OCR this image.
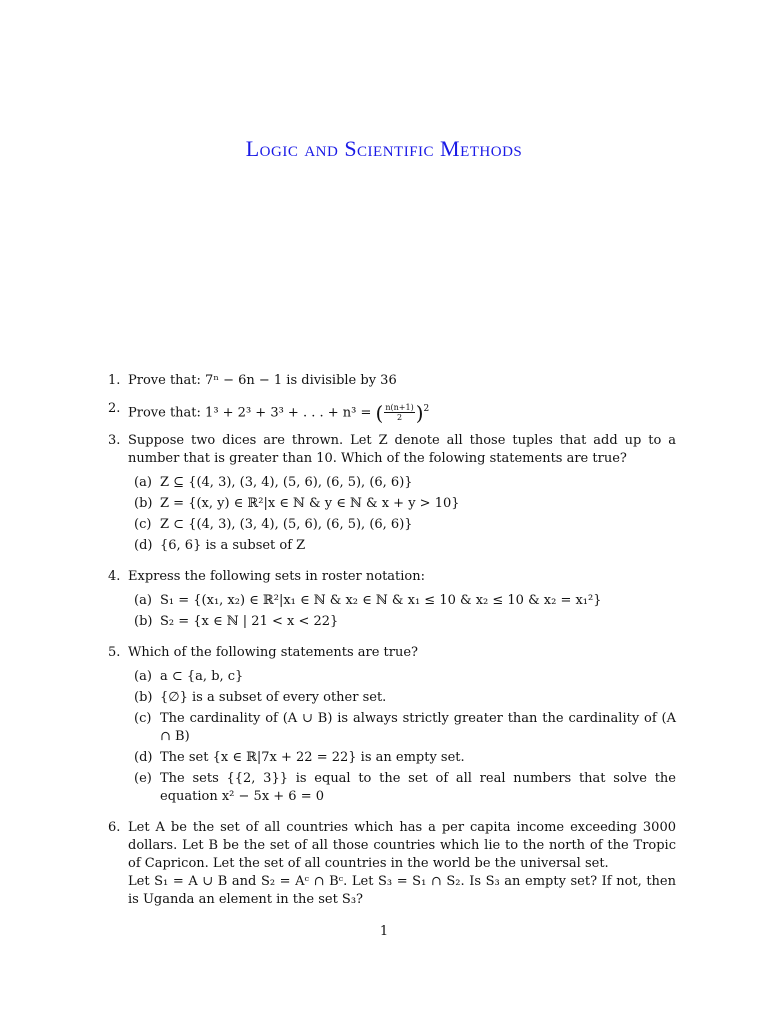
Logic and Scientific Methods
1. Prove that: 7ⁿ − 6n − 1 is divisible by 36
2. Prove that: 1³ + 2³ + 3³ + . . . + n³ = ( $\frac{n(n+1)}{2} )^2$
3. Suppose two dices are thrown. Let Z denote all those tuples that add up to a number that is greater than 10. Which of the folowing statements are true?
(a) Z ⊆ {(4, 3), (3, 4), (5, 6), (6, 5), (6, 6)}
(b) Z = {(x, y) ∈ ℝ²|x ∈ ℕ & y ∈ ℕ & x + y > 10}
(c) Z ⊂ {(4, 3), (3, 4), (5, 6), (6, 5), (6, 6)}
(d) {6, 6} is a subset of Z
4. Express the following sets in roster notation:
(a) S₁ = {(x₁, x₂) ∈ ℝ²|x₁ ∈ ℕ & x₂ ∈ ℕ & x₁ ≤ 10 & x₂ ≤ 10 & x₂ = x₁²}
(b) S₂ = {x ∈ ℕ | 21 < x < 22}
5. Which of the following statements are true?
(a) a ⊂ {a, b, c}
(b) {∅} is a subset of every other set.
(c) The cardinality of (A ∪ B) is always strictly greater than the cardinality of (A ∩ B)
(d) The set {x ∈ ℝ|7x + 22 = 22} is an empty set.
(e) The sets {{2, 3}} is equal to the set of all real numbers that solve the equation x² − 5x + 6 = 0
6. Let A be the set of all countries which has a per capita income exceeding 3000 dollars. Let B be the set of all those countries which lie to the north of the Tropic of Capricon. Let the set of all countries in the world be the universal set.

Let S₁ = A ∪ B and S₂ = Aᶜ ∩ Bᶜ. Let S₃ = S₁ ∩ S₂. Is S₃ an empty set? If not, then is Uganda an element in the set S₃?

1
